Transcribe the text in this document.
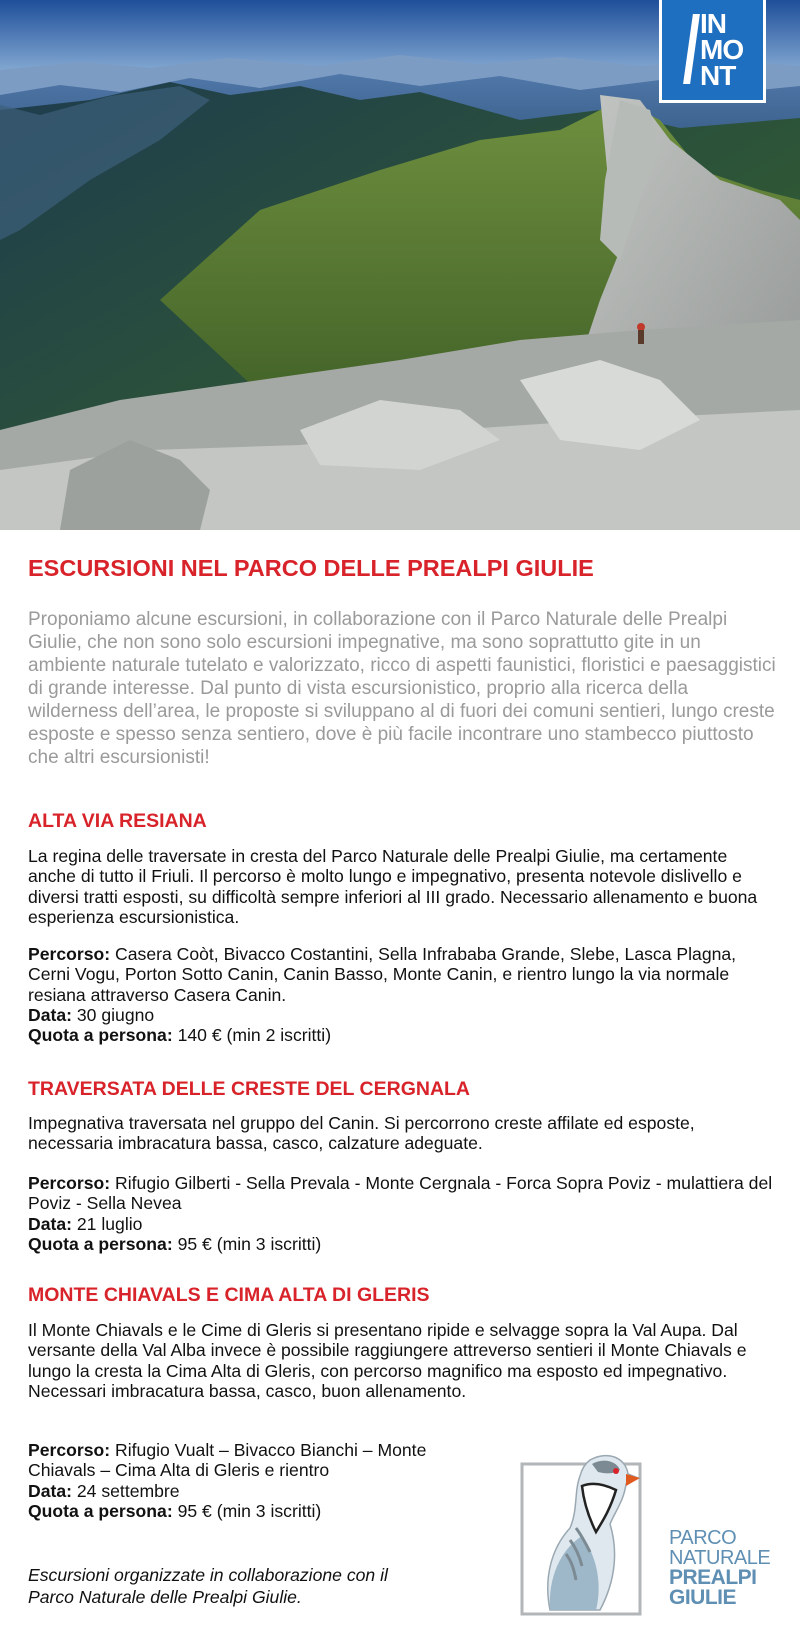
IN
MO
NT
ESCURSIONI NEL PARCO DELLE PREALPI GIULIE

Proponiamo alcune escursioni, in collaborazione con il Parco Naturale delle Prealpi Giulie, che non sono solo escursioni impegnative, ma sono soprattutto gite in un ambiente naturale tutelato e valorizzato, ricco di aspetti faunistici, floristici e paesaggistici di grande interesse. Dal punto di vista escursionistico, proprio alla ricerca della wilderness dell’area, le proposte si sviluppano al di fuori dei comuni sentieri, lungo creste esposte e spesso senza sentiero, dove è più facile incontrare uno stambecco piuttosto che altri escursionisti!

ALTA VIA RESIANA

La regina delle traversate in cresta del Parco Naturale delle Prealpi Giulie, ma certamente anche di tutto il Friuli. Il percorso è molto lungo e impegnativo, presenta notevole dislivello e diversi tratti esposti, su difficoltà sempre inferiori al III grado. Necessario allenamento e buona esperienza escursionistica.

Percorso: Casera Coòt, Bivacco Costantini, Sella Infrababa Grande, Slebe, Lasca Plagna, Cerni Vogu, Porton Sotto Canin, Canin Basso, Monte Canin, e rientro lungo la via normale resiana attraverso Casera Canin.
Data: 30 giugno
Quota a persona: 140 € (min 2 iscritti)

TRAVERSATA DELLE CRESTE DEL CERGNALA

Impegnativa traversata nel gruppo del Canin. Si percorrono creste affilate ed esposte, necessaria imbracatura bassa, casco, calzature adeguate.

Percorso: Rifugio Gilberti - Sella Prevala - Monte Cergnala - Forca Sopra Poviz - mulattiera del Poviz - Sella Nevea
Data: 21 luglio
Quota a persona: 95 € (min 3 iscritti)

MONTE CHIAVALS E CIMA ALTA DI GLERIS

Il Monte Chiavals e le Cime di Gleris si presentano ripide e selvagge sopra la Val Aupa. Dal versante della Val Alba invece è possibile raggiungere attreverso sentieri il Monte Chiavals e lungo la cresta la Cima Alta di Gleris, con percorso magnifico ma esposto ed impegnativo. Necessari imbracatura bassa, casco, buon allenamento.

Percorso: Rifugio Vualt – Bivacco Bianchi – Monte Chiavals – Cima Alta di Gleris e rientro
Data: 24 settembre
Quota a persona: 95 € (min 3 iscritti)

Escursioni organizzate in collaborazione con il
Parco Naturale delle Prealpi Giulie.

PARCO
NATURALE
PREALPI
GIULIE
